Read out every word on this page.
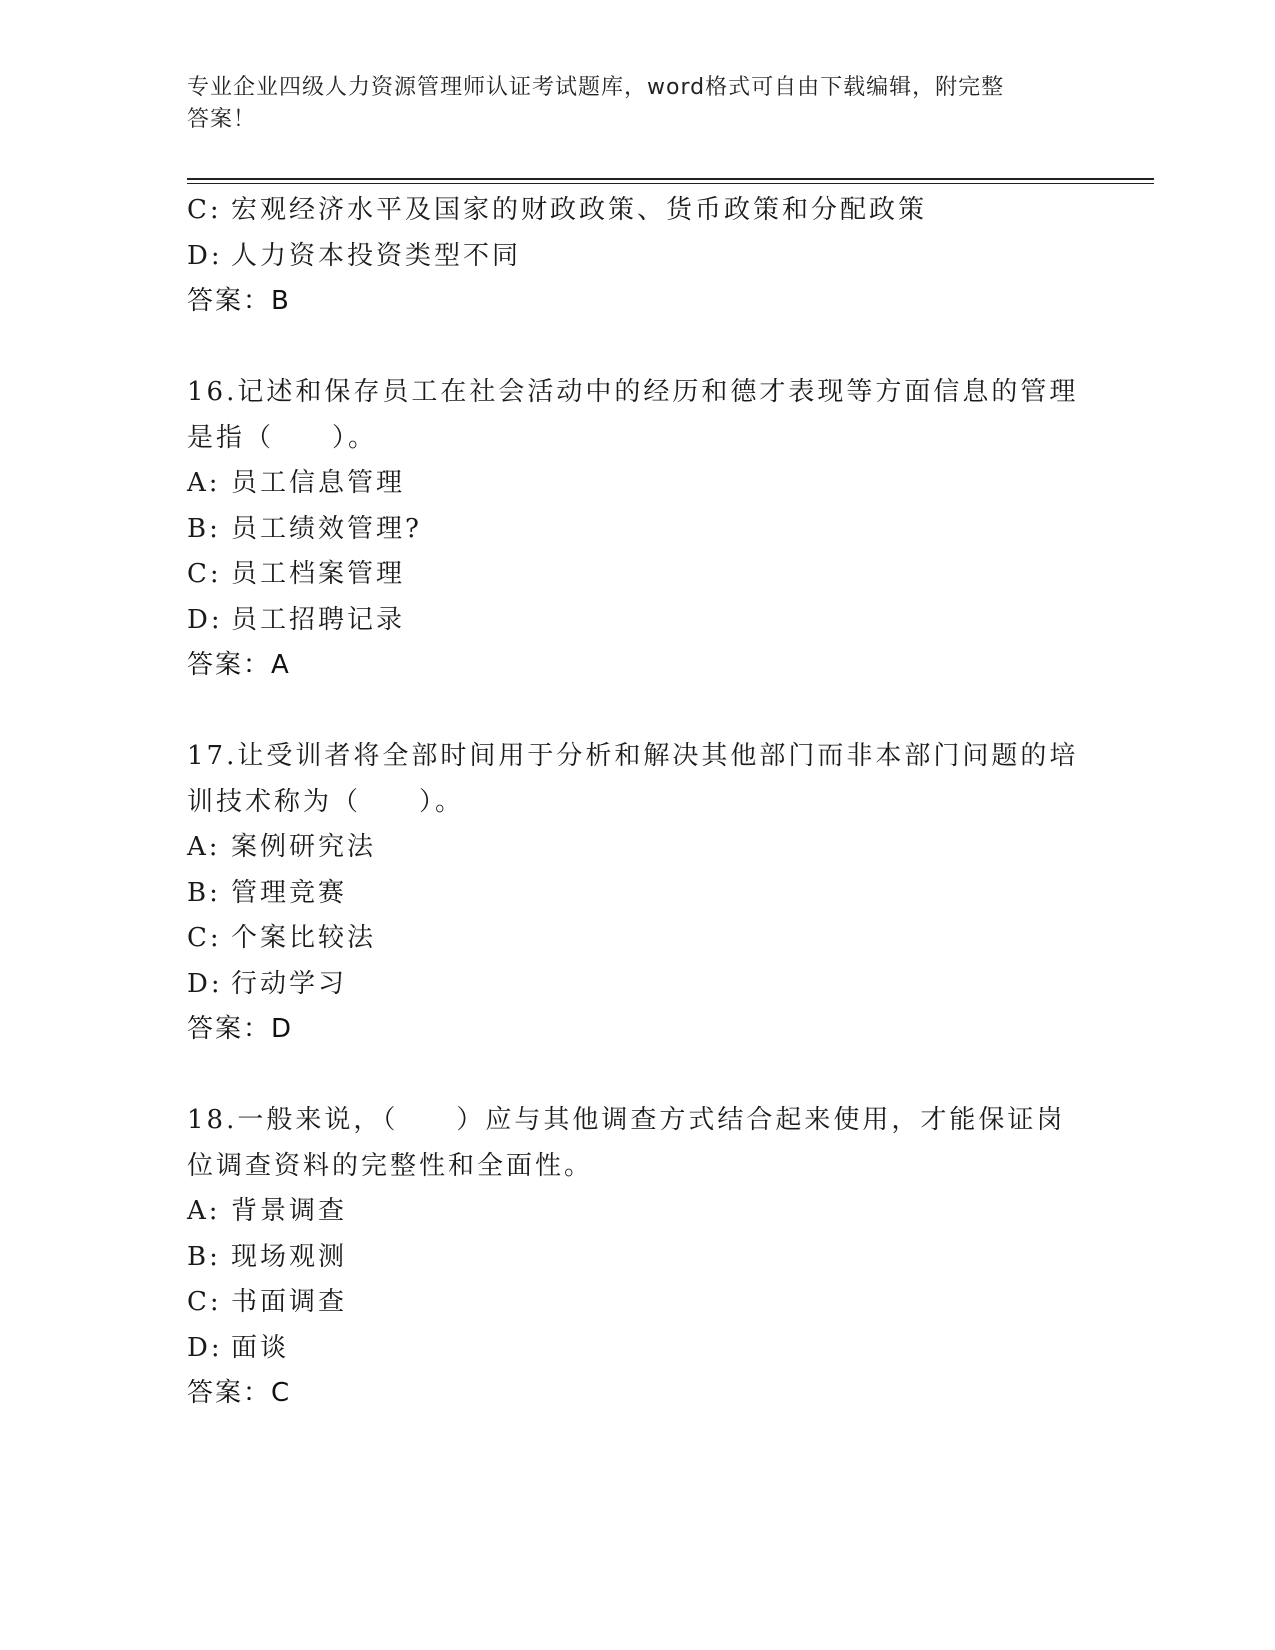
专业企业四级人力资源管理师认证考试题库，word格式可自由下载编辑，附完整
答案！
C: 宏观经济水平及国家的财政政策、货币政策和分配政策
D: 人力资本投资类型不同
答案：B
16.记述和保存员工在社会活动中的经历和德才表现等方面信息的管理
是指（　　）。
A: 员工信息管理
B: 员工绩效管理?
C: 员工档案管理
D: 员工招聘记录
答案：A
17.让受训者将全部时间用于分析和解决其他部门而非本部门问题的培
训技术称为（　　）。
A: 案例研究法
B: 管理竞赛
C: 个案比较法
D: 行动学习
答案：D
18.一般来说，（　　）应与其他调查方式结合起来使用，才能保证岗
位调查资料的完整性和全面性。
A: 背景调查
B: 现场观测
C: 书面调查
D: 面谈
答案：C
